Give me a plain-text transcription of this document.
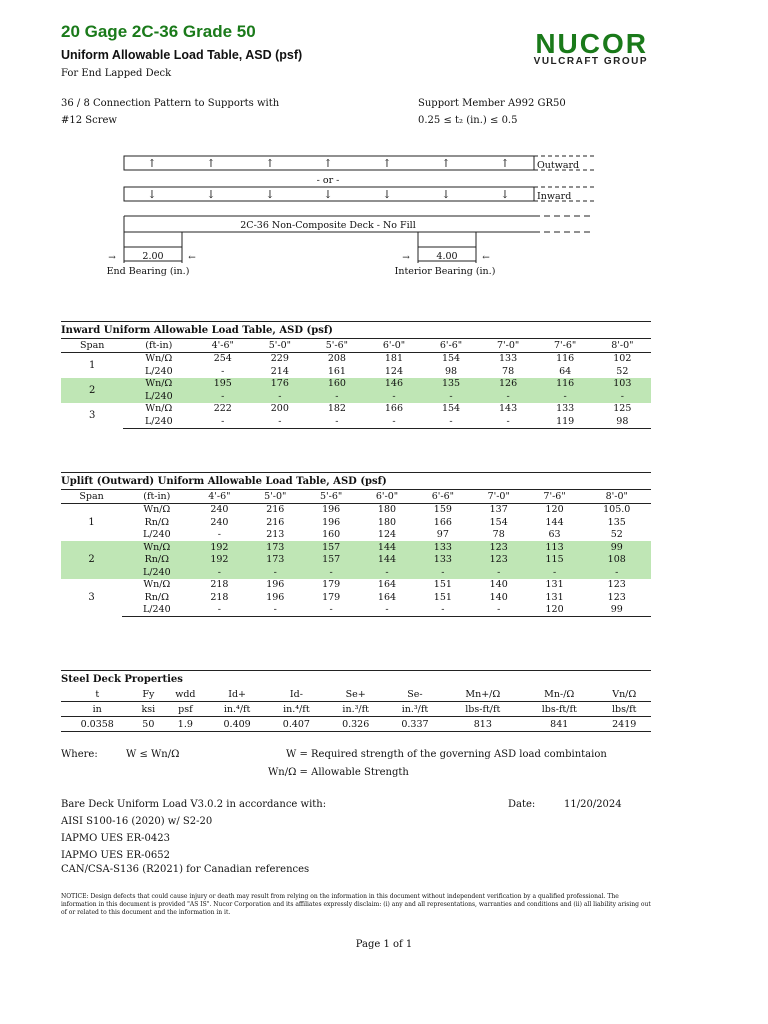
20 Gage 2C-36 Grade 50
Uniform Allowable Load Table, ASD (psf)
For End Lapped Deck
NUCOR
VULCRAFT GROUP
36 / 8 Connection Pattern to Supports with
#12 Screw
Support Member A992 GR50
0.25 ≤ t₂ (in.) ≤ 0.5
↑	↑	↑	↑	↑	↑	↑
↓	↓	↓	↓	↓	↓	↓
→	←	→	←
Outward
Inward
- or -
2C-36 Non-Composite Deck - No Fill
2.00	4.00
End Bearing (in.)	Interior Bearing (in.)
Inward Uniform Allowable Load Table, ASD (psf)									
Span	(ft-in)	4'-6"	5'-0"	5'-6"	6'-0"	6'-6"	7'-0"	7'-6"	8'-0"
1	Wn/Ω	254	229	208	181	154	133	116	102
	L/240	-	214	161	124	98	78	64	52
2	Wn/Ω	195	176	160	146	135	126	116	103
	L/240	-	-	-	-	-	-	-	-
3	Wn/Ω	222	200	182	166	154	143	133	125
	L/240	-	-	-	-	-	-	119	98
Uplift (Outward) Uniform Allowable Load Table, ASD (psf)									
Span	(ft-in)	4'-6"	5'-0"	5'-6"	6'-0"	6'-6"	7'-0"	7'-6"	8'-0"
1	Wn/Ω	240	216	196	180	159	137	120	105.0
	Rn/Ω	240	216	196	180	166	154	144	135
	L/240	-	213	160	124	97	78	63	52
2	Wn/Ω	192	173	157	144	133	123	113	99
	Rn/Ω	192	173	157	144	133	123	115	108
	L/240	-	-	-	-	-	-	-	-
3	Wn/Ω	218	196	179	164	151	140	131	123
	Rn/Ω	218	196	179	164	151	140	131	123
	L/240	-	-	-	-	-	-	120	99
Steel Deck Properties									
t	Fy	wdd	Id+	Id-	Se+	Se-	Mn+/Ω	Mn-/Ω	Vn/Ω
in	ksi	psf	in.⁴/ft	in.⁴/ft	in.³/ft	in.³/ft	lbs-ft/ft	lbs-ft/ft	lbs/ft
0.0358	50	1.9	0.409	0.407	0.326	0.337	813	841	2419
Where:	W ≤ Wn/Ω	W = Required strength of the governing ASD load combintaion
Wn/Ω = Allowable Strength
Bare Deck Uniform Load V3.0.2 in accordance with:	Date:	11/20/2024
AISI S100-16 (2020) w/ S2-20
IAPMO UES ER-0423
IAPMO UES ER-0652
CAN/CSA-S136 (R2021) for Canadian references
NOTICE: Design defects that could cause injury or death may result from relying on the information in this document without independent verification by a qualified professional. The information in this document is provided "AS IS". Nucor Corporation and its affiliates expressly disclaim: (i) any and all representations, warranties and conditions and (ii) all liability arising out of or related to this document and the information in it.
Page 1 of 1
